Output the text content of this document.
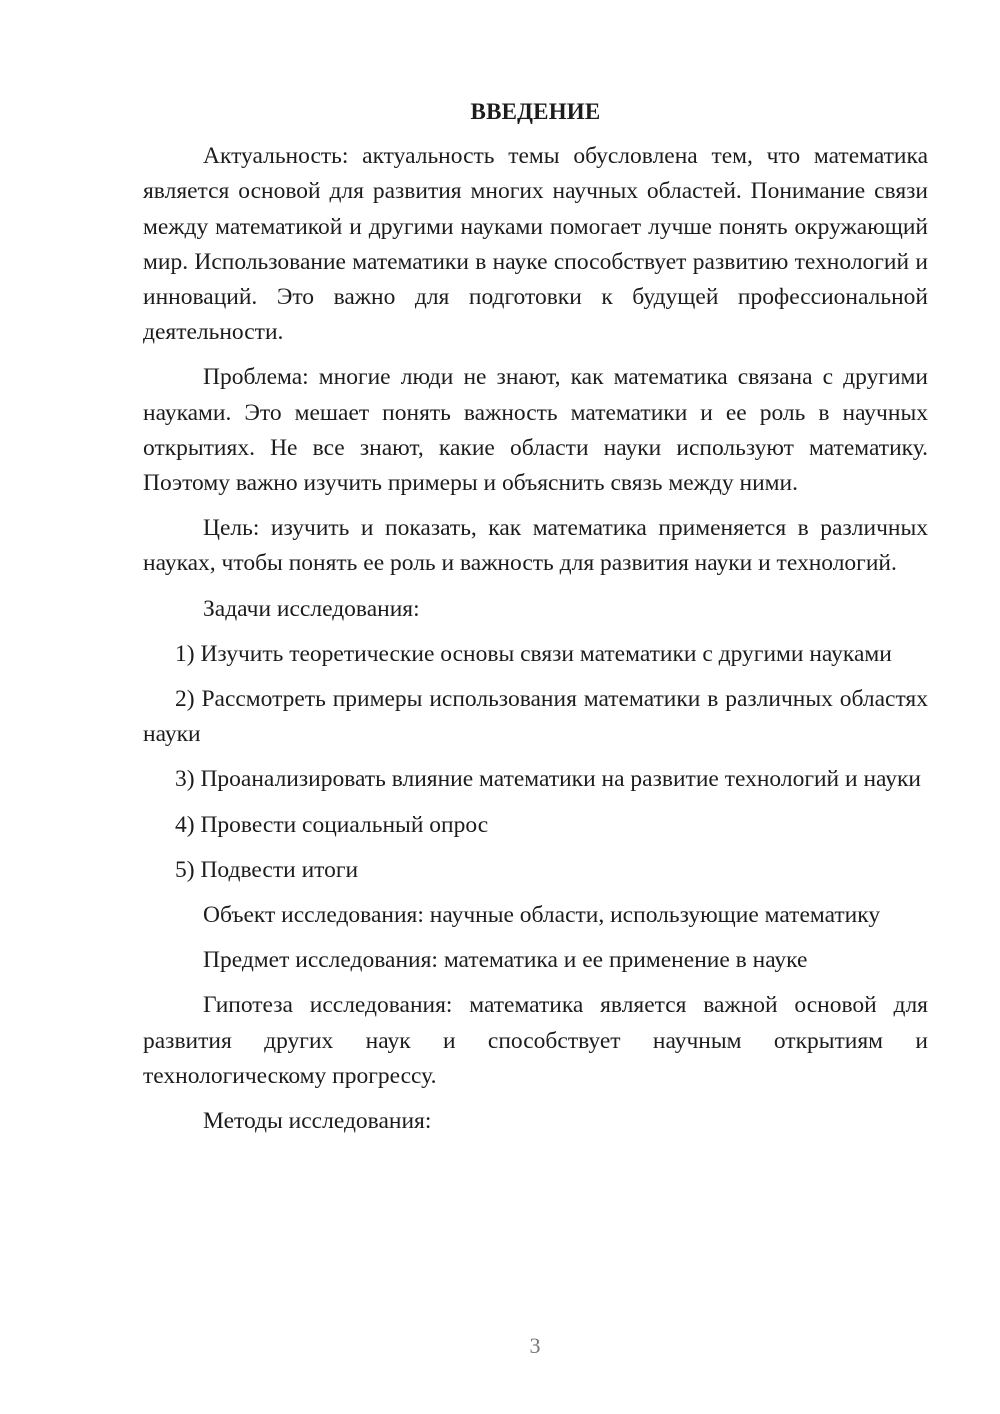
ВВЕДЕНИЕ

Актуальность: актуальность темы обусловлена тем, что математика является основой для развития многих научных областей. Понимание связи между математикой и другими науками помогает лучше понять окружающий мир. Использование математики в науке способствует развитию технологий и инноваций. Это важно для подготовки к будущей профессиональной деятельности.

Проблема: многие люди не знают, как математика связана с другими науками. Это мешает понять важность математики и ее роль в научных открытиях. Не все знают, какие области науки используют математику. Поэтому важно изучить примеры и объяснить связь между ними.

Цель: изучить и показать, как математика применяется в различных науках, чтобы понять ее роль и важность для развития науки и технологий.

Задачи исследования:

1) Изучить теоретические основы связи математики с другими науками

2) Рассмотреть примеры использования математики в различных областях науки

3) Проанализировать влияние математики на развитие технологий и науки

4) Провести социальный опрос

5) Подвести итоги

Объект исследования: научные области, использующие математику

Предмет исследования: математика и ее применение в науке

Гипотеза исследования: математика является важной основой для развития других наук и способствует научным открытиям и технологическому прогрессу.

Методы исследования:

3
